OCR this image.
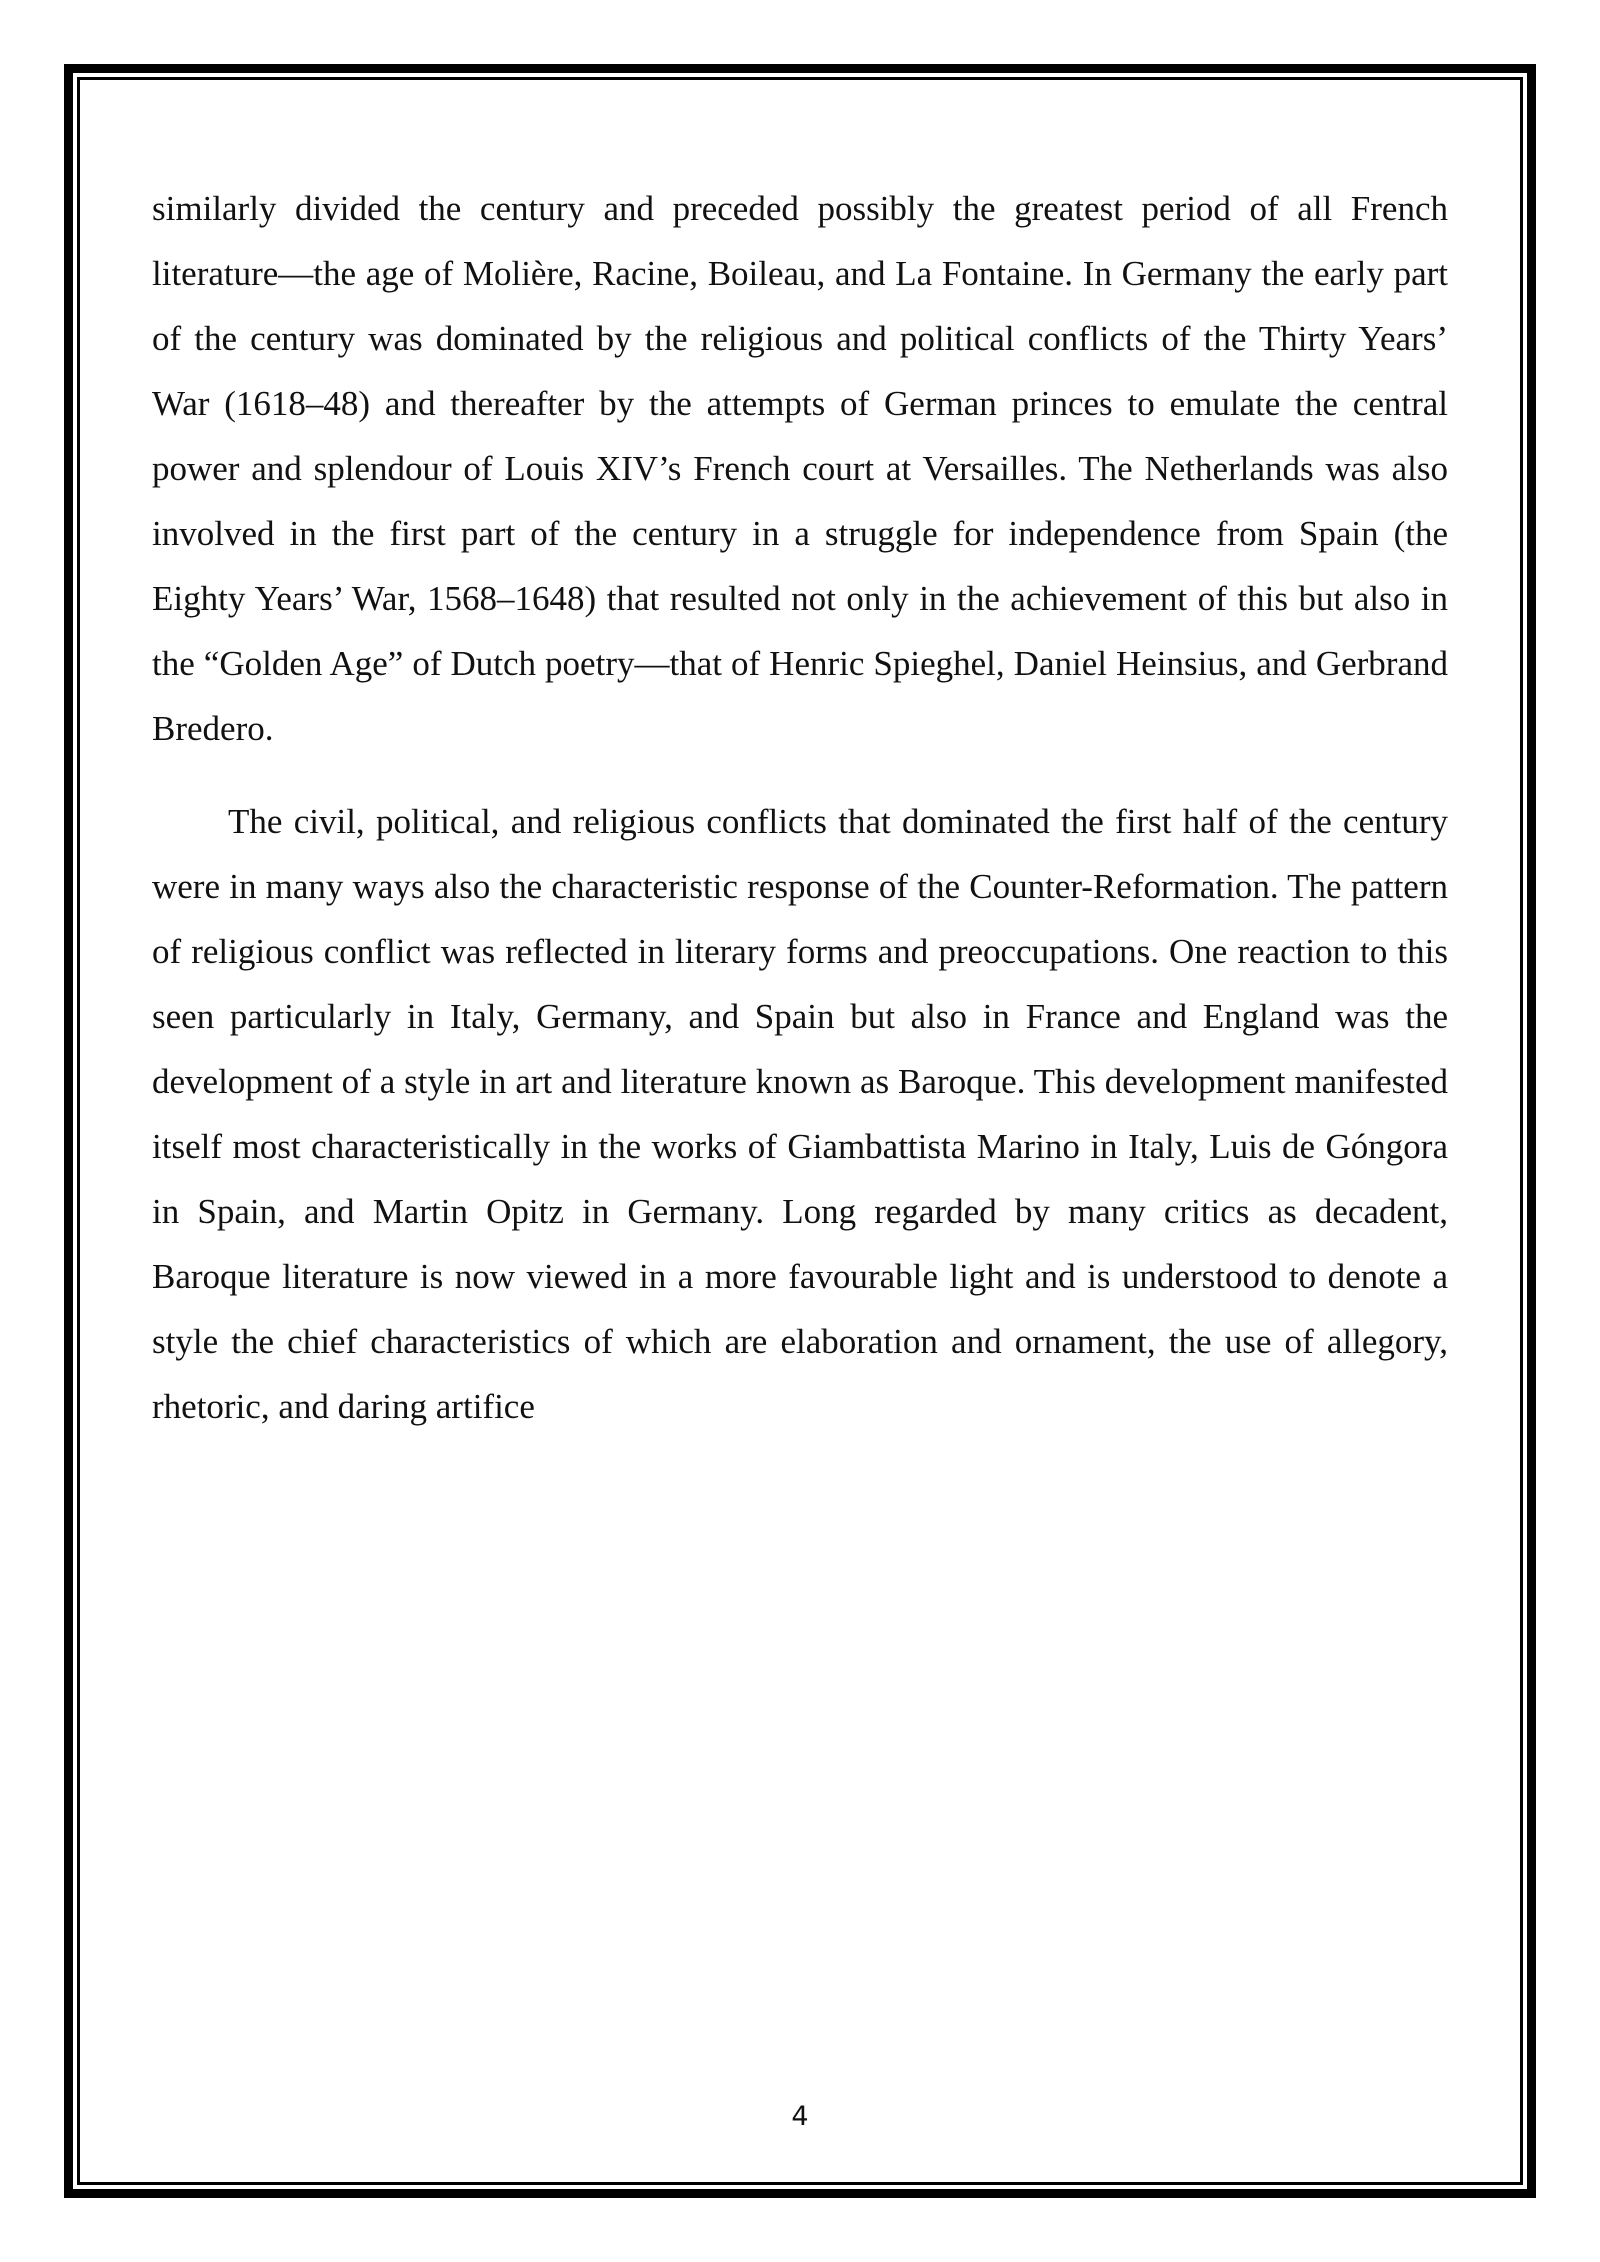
similarly divided the century and preceded possibly the greatest period of all French literature—the age of Molière, Racine, Boileau, and La Fontaine. In Germany the early part of the century was dominated by the religious and political conflicts of the Thirty Years’ War (1618–48) and thereafter by the attempts of German princes to emulate the central power and splendour of Louis XIV’s French court at Versailles. The Netherlands was also involved in the first part of the century in a struggle for independence from Spain (the Eighty Years’ War, 1568–1648) that resulted not only in the achievement of this but also in the “Golden Age” of Dutch poetry—that of Henric Spieghel, Daniel Heinsius, and Gerbrand Bredero.

The civil, political, and religious conflicts that dominated the first half of the century were in many ways also the characteristic response of the Counter-Reformation. The pattern of religious conflict was reflected in literary forms and preoccupations. One reaction to this seen particularly in Italy, Germany, and Spain but also in France and England was the development of a style in art and literature known as Baroque. This development manifested itself most characteristically in the works of Giambattista Marino in Italy, Luis de Góngora in Spain, and Martin Opitz in Germany. Long regarded by many critics as decadent, Baroque literature is now viewed in a more favourable light and is understood to denote a style the chief characteristics of which are elaboration and ornament, the use of allegory, rhetoric, and daring artifice

4
